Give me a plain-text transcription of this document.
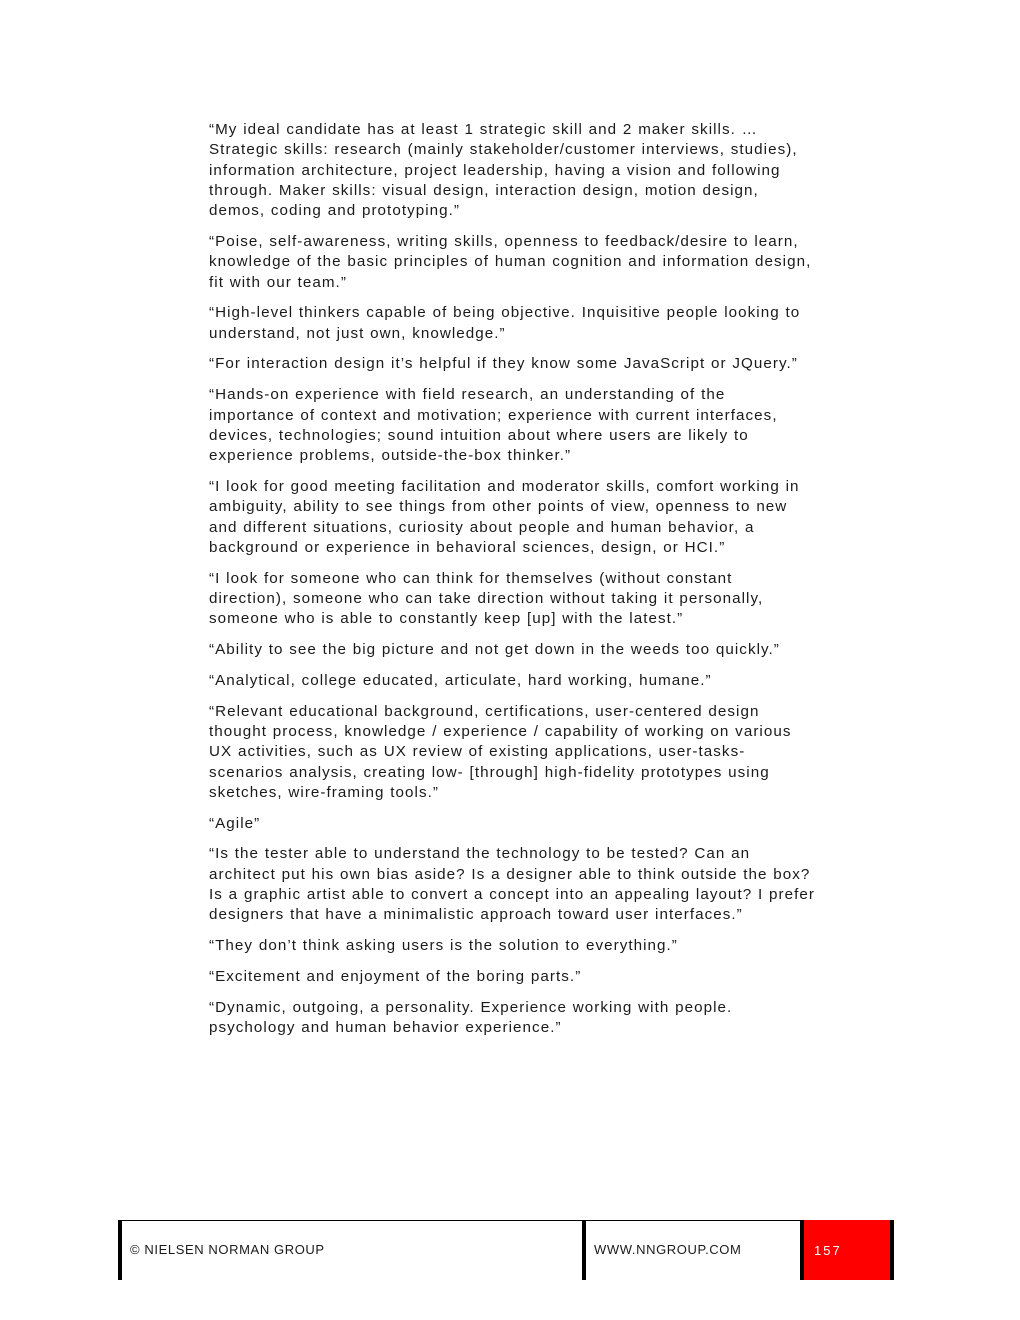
“My ideal candidate has at least 1 strategic skill and 2 maker skills. … Strategic skills: research (mainly stakeholder/customer interviews, studies), information architecture, project leadership, having a vision and following through. Maker skills: visual design, interaction design, motion design, demos, coding and prototyping.”

“Poise, self-awareness, writing skills, openness to feedback/desire to learn, knowledge of the basic principles of human cognition and information design, fit with our team.”

“High-level thinkers capable of being objective. Inquisitive people looking to understand, not just own, knowledge.”

“For interaction design it’s helpful if they know some JavaScript or JQuery.”

“Hands-on experience with field research, an understanding of the importance of context and motivation; experience with current interfaces, devices, technologies; sound intuition about where users are likely to experience problems, outside-the-box thinker.”

“I look for good meeting facilitation and moderator skills, comfort working in ambiguity, ability to see things from other points of view, openness to new and different situations, curiosity about people and human behavior, a background or experience in behavioral sciences, design, or HCI.”

“I look for someone who can think for themselves (without constant direction), someone who can take direction without taking it personally, someone who is able to constantly keep [up] with the latest.”

“Ability to see the big picture and not get down in the weeds too quickly.”

“Analytical, college educated, articulate, hard working, humane.”

“Relevant educational background, certifications, user-centered design thought process, knowledge / experience / capability of working on various UX activities, such as UX review of existing applications, user-tasks-scenarios analysis, creating low- [through] high-fidelity prototypes using sketches, wire-framing tools.”

“Agile”

“Is the tester able to understand the technology to be tested? Can an architect put his own bias aside? Is a designer able to think outside the box? Is a graphic artist able to convert a concept into an appealing layout? I prefer designers that have a minimalistic approach toward user interfaces.”

“They don’t think asking users is the solution to everything.”

“Excitement and enjoyment of the boring parts.”

“Dynamic, outgoing, a personality. Experience working with people. psychology and human behavior experience.”

© NIELSEN NORMAN GROUP	WWW.NNGROUP.COM	157
